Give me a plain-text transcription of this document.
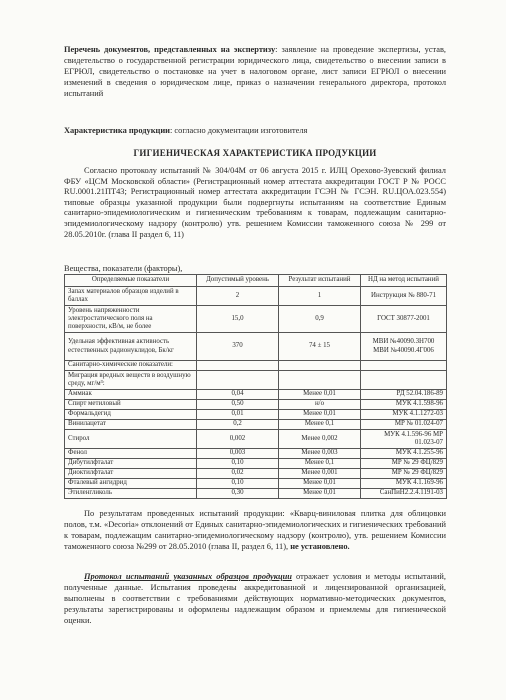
Перечень документов, представленных на экспертизу: заявление на проведение экспертизы, устав, свидетельство о государственной регистрации юридического лица, свидетельство о внесении записи в ЕГРЮЛ, свидетельство о постановке на учет в налоговом органе, лист записи ЕГРЮЛ о внесении изменений в сведения о юридическом лице, приказ о назначении генерального директора, протокол испытаний
Характеристика продукции: согласно документации изготовителя
ГИГИЕНИЧЕСКАЯ ХАРАКТЕРИСТИКА ПРОДУКЦИИ
Согласно протоколу испытаний № 304/04М от 06 августа 2015 г. ИЛЦ Орехово-Зуевский филиал ФБУ «ЦСМ Московской области» (Регистрационный номер аттестата аккредитации ГОСТ Р № РОСС RU.0001.21ПТ43; Регистрационный номер аттестата аккредитации ГСЭН № ГСЭН. RU.ЦОА.023.554) типовые образцы указанной продукции были подвергнуты испытаниям на соответствие Единым санитарно-эпидемиологическим и гигиеническим требованиям к товарам, подлежащим санитарно-эпидемиологическому надзору (контролю) утв. решением Комиссии таможенного союза № 299 от 28.05.2010г. (глава II раздел 6, 11)
Вещества, показатели (факторы),
Определяемые показатели	Допустимый уровень	Результат испытаний	НД на метод испытаний
Запах материалов образцов изделий в баллах	2	1	Инструкция № 880-71
Уровень напряженности электростатического поля на поверхности, кВ/м, не более	15,0	0,9	ГОСТ 30877-2001
Удельная эффективная активность естественных радионуклидов, Бк/кг	370	74 ± 15	МВИ №40090.3Н700 МВИ №40090.4Г006
Санитарно-химические показатели:			
Миграция вредных веществ в воздушную среду, мг/м³:			
Аммиак	0,04	Менее 0,01	РД 52.04.186-89
Спирт метиловый	0,50	н/о	МУК 4.1.598-96
Формальдегид	0,01	Менее 0,01	МУК 4.1.1272-03
Винилацетат	0,2	Менее 0,1	МР № 01.024-07
Стирол	0,002	Менее 0,002	МУК 4.1.596-96 МР 01.023-07
Фенол	0,003	Менее 0,003	МУК 4.1.255-96
Дибутилфталат	0,10	Менее 0,1	МР № 29 ФЦ/829
Диоктилфталат	0,02	Менее 0,001	МР № 29 ФЦ/829
Фталевый ангидрид	0,10	Менее 0,01	МУК 4.1.169-96
Этиленгликоль	0,30	Менее 0,01	СанПиН2.2.4.1191-03
По результатам проведенных испытаний продукции: «Кварц-виниловая плитка для облицовки полов, т.м. «Decoria» отклонений от Единых санитарно-эпидемиологических и гигиенических требований к товарам, подлежащим санитарно-эпидемиологическому надзору (контролю), утв. решением Комиссии таможенного союза №299 от 28.05.2010 (глава II, раздел 6, 11), не установлено.
Протокол испытаний указанных образцов продукции отражает условия и методы испытаний, полученные данные. Испытания проведены аккредитованной и лицензированной организацией, выполнены в соответствии с требованиями действующих нормативно-методических документов, результаты зарегистрированы и оформлены надлежащим образом и приемлемы для гигиенической оценки.
